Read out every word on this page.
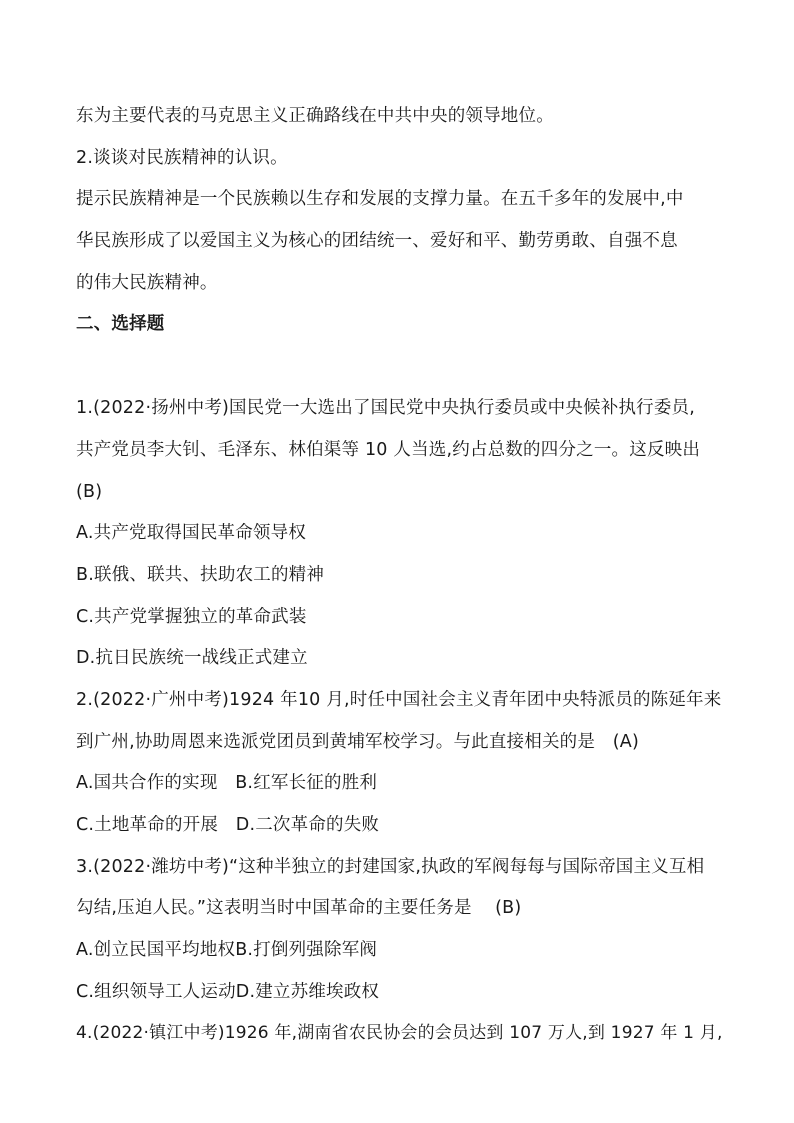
东为主要代表的马克思主义正确路线在中共中央的领导地位。
2.谈谈对民族精神的认识。
提示民族精神是一个民族赖以生存和发展的支撑力量。在五千多年的发展中,中
华民族形成了以爱国主义为核心的团结统一、爱好和平、勤劳勇敢、自强不息
的伟大民族精神。
二、选择题
1.(2022·扬州中考)国民党一大选出了国民党中央执行委员或中央候补执行委员,
共产党员李大钊、毛泽东、林伯渠等 10 人当选,约占总数的四分之一。这反映出
(B)
A.共产党取得国民革命领导权
B.联俄、联共、扶助农工的精神
C.共产党掌握独立的革命武装
D.抗日民族统一战线正式建立
2.(2022·广州中考)1924 年10 月,时任中国社会主义青年团中央特派员的陈延年来
到广州,协助周恩来选派党团员到黄埔军校学习。与此直接相关的是　(A)
A.国共合作的实现　B.红军长征的胜利
C.土地革命的开展　D.二次革命的失败
3.(2022·潍坊中考)“这种半独立的封建国家,执政的军阀每每与国际帝国主义互相
勾结,压迫人民。”这表明当时中国革命的主要任务是　 (B)
A.创立民国平均地权B.打倒列强除军阀
C.组织领导工人运动D.建立苏维埃政权
4.(2022·镇江中考)1926 年,湖南省农民协会的会员达到 107 万人,到 1927 年 1 月,
